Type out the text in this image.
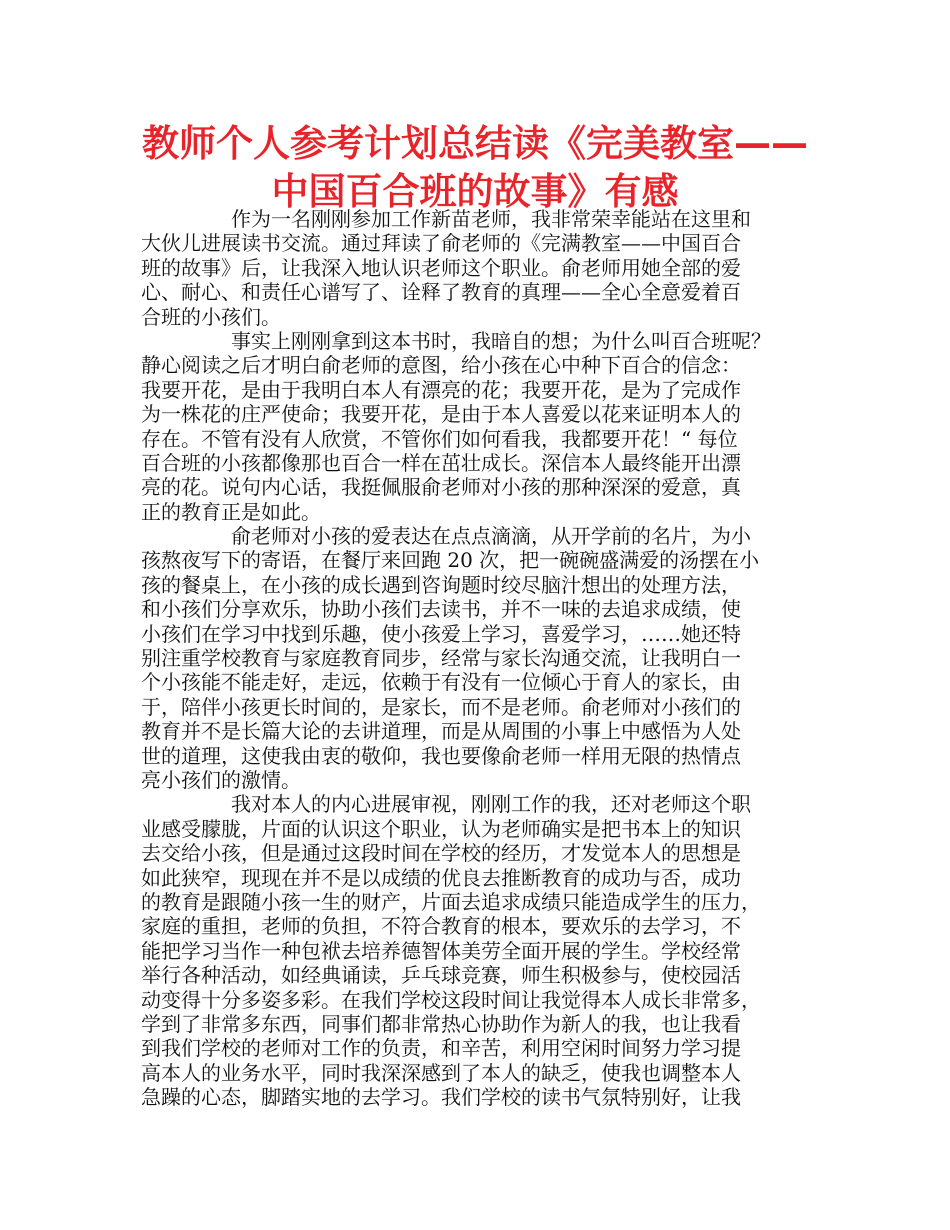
教师个人参考计划总结读《完美教室——
中国百合班的故事》有感
作为一名刚刚参加工作新苗老师，我非常荣幸能站在这里和
大伙儿进展读书交流。通过拜读了俞老师的《完满教室——中国百合
班的故事》后，让我深入地认识老师这个职业。俞老师用她全部的爱
心、耐心、和责任心谱写了、诠释了教育的真理——全心全意爱着百
合班的小孩们。
事实上刚刚拿到这本书时，我暗自的想；为什么叫百合班呢？
静心阅读之后才明白俞老师的意图，给小孩在心中种下百合的信念：
我要开花，是由于我明白本人有漂亮的花；我要开花，是为了完成作
为一株花的庄严使命；我要开花，是由于本人喜爱以花来证明本人的
存在。不管有没有人欣赏，不管你们如何看我，我都要开花！“ 每位
百合班的小孩都像那也百合一样在茁壮成长。深信本人最终能开出漂
亮的花。说句内心话，我挺佩服俞老师对小孩的那种深深的爱意，真
正的教育正是如此。
俞老师对小孩的爱表达在点点滴滴，从开学前的名片，为小
孩熬夜写下的寄语，在餐厅来回跑 20 次，把一碗碗盛满爱的汤摆在小
孩的餐桌上，在小孩的成长遇到咨询题时绞尽脑汁想出的处理方法，
和小孩们分享欢乐，协助小孩们去读书，并不一味的去追求成绩，使
小孩们在学习中找到乐趣，使小孩爱上学习，喜爱学习，……她还特
别注重学校教育与家庭教育同步，经常与家长沟通交流，让我明白一
个小孩能不能走好，走远，依赖于有没有一位倾心于育人的家长，由
于，陪伴小孩更长时间的，是家长，而不是老师。俞老师对小孩们的
教育并不是长篇大论的去讲道理，而是从周围的小事上中感悟为人处
世的道理，这使我由衷的敬仰，我也要像俞老师一样用无限的热情点
亮小孩们的激情。
我对本人的内心进展审视，刚刚工作的我，还对老师这个职
业感受朦胧，片面的认识这个职业，认为老师确实是把书本上的知识
去交给小孩，但是通过这段时间在学校的经历，才发觉本人的思想是
如此狭窄，现现在并不是以成绩的优良去推断教育的成功与否，成功
的教育是跟随小孩一生的财产，片面去追求成绩只能造成学生的压力，
家庭的重担，老师的负担，不符合教育的根本，要欢乐的去学习，不
能把学习当作一种包袱去培养德智体美劳全面开展的学生。学校经常
举行各种活动，如经典诵读，乒乓球竞赛，师生积极参与，使校园活
动变得十分多姿多彩。在我们学校这段时间让我觉得本人成长非常多，
学到了非常多东西，同事们都非常热心协助作为新人的我，也让我看
到我们学校的老师对工作的负责，和辛苦，利用空闲时间努力学习提
高本人的业务水平，同时我深深感到了本人的缺乏，使我也调整本人
急躁的心态，脚踏实地的去学习。我们学校的读书气氛特别好，让我
